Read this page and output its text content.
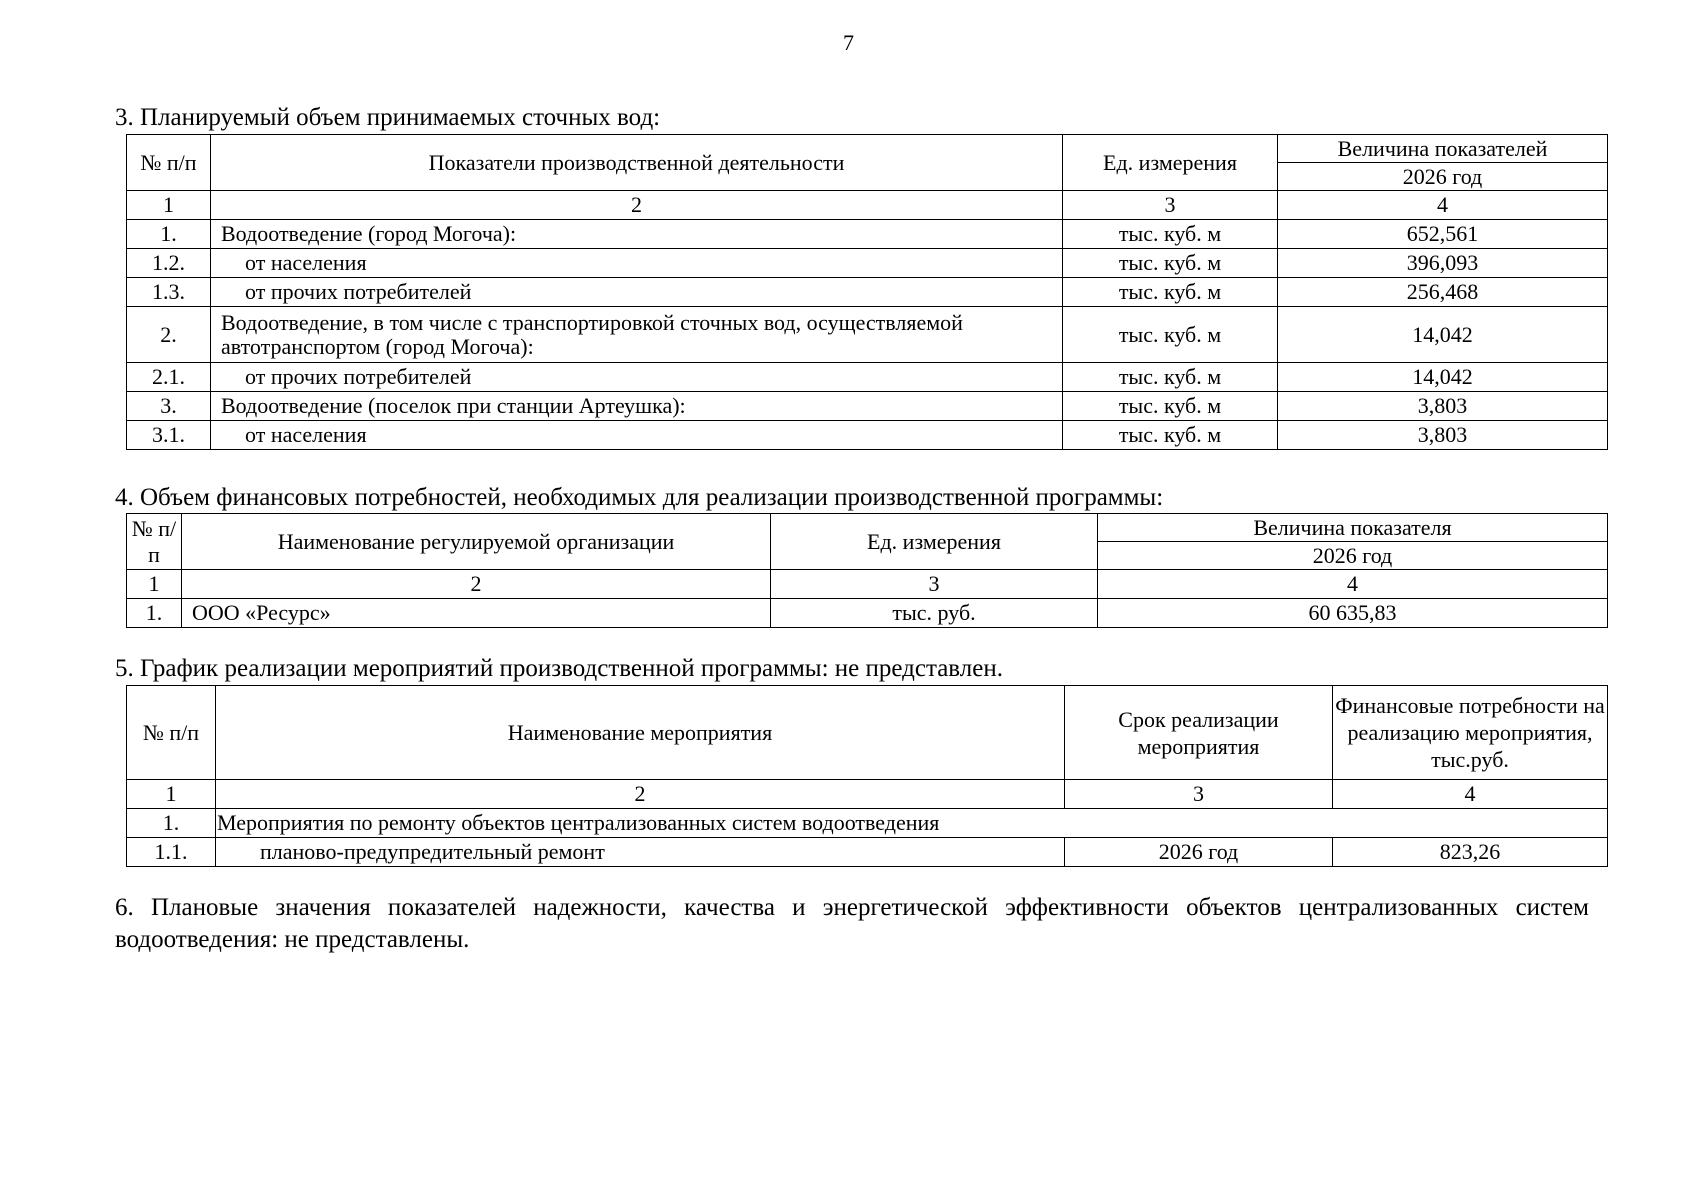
7
3. Планируемый объем принимаемых сточных вод:
№ п/п	Показатели производственной деятельности	Ед. измерения	Величина показателей
			2026 год
1	2	3	4
1.	Водоотведение (город Могоча):	тыс. куб. м	652,561
1.2.	от населения	тыс. куб. м	396,093
1.3.	от прочих потребителей	тыс. куб. м	256,468
2.	Водоотведение, в том числе с транспортировкой сточных вод, осуществляемой автотранспортом (город Могоча):	тыс. куб. м	14,042
2.1.	от прочих потребителей	тыс. куб. м	14,042
3.	Водоотведение (поселок при станции Артеушка):	тыс. куб. м	3,803
3.1.	от населения	тыс. куб. м	3,803
4. Объем финансовых потребностей, необходимых для реализации производственной программы:
№ п/п	Наименование регулируемой организации	Ед. измерения	Величина показателя
			2026 год
1	2	3	4
1.	ООО «Ресурс»	тыс. руб.	60 635,83
5. График реализации мероприятий производственной программы: не представлен.
№ п/п	Наименование мероприятия	Срок реализации мероприятия	Финансовые потребности на реализацию мероприятия, тыс.руб.
1	2	3	4
1.	Мероприятия по ремонту объектов централизованных систем водоотведения		
1.1.	планово-предупредительный ремонт	2026 год	823,26
6. Плановые значения показателей надежности, качества и энергетической эффективности объектов централизованных систем водоотведения: не представлены.
